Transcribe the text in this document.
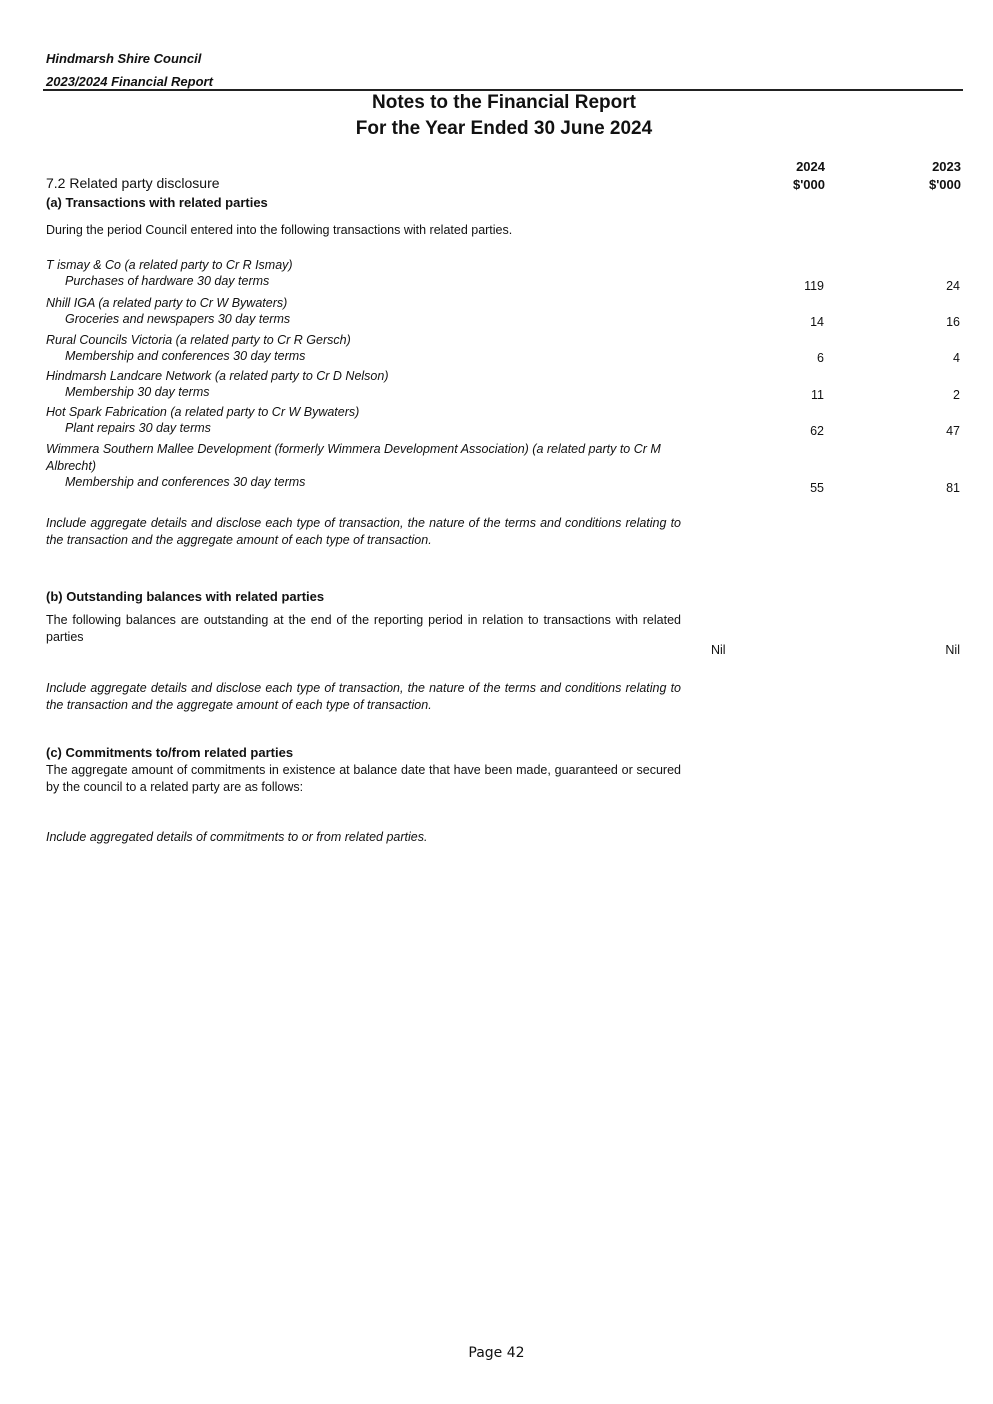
Hindmarsh Shire Council
2023/2024 Financial Report
Notes to the Financial Report
For the Year Ended 30 June 2024
2024	2023
$'000	$'000
7.2 Related party disclosure
(a) Transactions with related parties
During the period Council entered into the following transactions with related parties.
T ismay & Co (a related party to Cr R Ismay)
Purchases of hardware 30 day terms	119	24
Nhill IGA (a related party to Cr W Bywaters)
Groceries and newspapers 30 day terms	14	16
Rural Councils Victoria (a related party to Cr R Gersch)
Membership and conferences 30 day terms	6	4
Hindmarsh Landcare Network (a related party to Cr D Nelson)
Membership 30 day terms	11	2
Hot Spark Fabrication (a related party to Cr W Bywaters)
Plant repairs 30 day terms	62	47
Wimmera Southern Mallee Development (formerly Wimmera Development Association) (a related party to Cr M Albrecht)
Membership and conferences 30 day terms	55	81
Include aggregate details and disclose each type of transaction, the nature of the terms and conditions relating to the transaction and the aggregate amount of each type of transaction.
(b) Outstanding balances with related parties
The following balances are outstanding at the end of the reporting period in relation to transactions with related parties
Nil	Nil
Include aggregate details and disclose each type of transaction, the nature of the terms and conditions relating to the transaction and the aggregate amount of each type of transaction.
(c) Commitments to/from related parties
The aggregate amount of commitments in existence at balance date that have been made, guaranteed or secured by the council to a related party are as follows:
Include aggregated details of commitments to or from related parties.
Page 42
